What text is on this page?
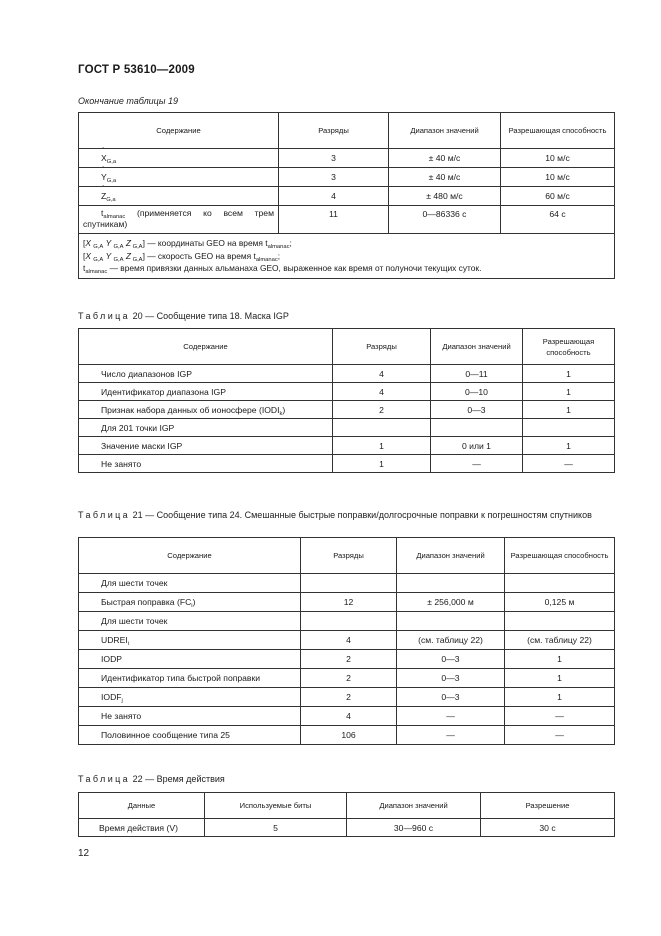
ГОСТ Р 53610—2009
Окончание таблицы 19
Содержание	Разряды	Диапазон значений	Разрешающая способность
˙ $X_{G,a}$	3	± 40 м/с	10 м/с
˙ $Y_{G,a}$	3	± 40 м/с	10 м/с
˙ $Z_{G,a}$	4	± 480 м/с	60 м/с

$t_{almanac}$ (применяется ко всем трем
спутникам)	11	0—86336 с	64 с

[X $_{G,A}$ Y $_{G,A}$ Z $_{G,A}$] — координаты GEO на время $t_{almanac}$;
[X $_{G,A}$ Y $_{G,A}$ Z $_{G,A}$] — скорость GEO на время $t_{almanac}$;
$t_{almanac}$ — время привязки данных альманаха GEO, выраженное как время от полуночи текущих суток.			
Таблица 20 — Сообщение типа 18. Маска IGP
Содержание	Разряды	Диапазон значений	Разрешающая способность
Число диапазонов IGP	4	0—11	1
Идентификатор диапазона IGP	4	0—10	1
Признак набора данных об ионосфере $(IODI_k)$	2	0—3	1
Для 201 точки IGP			
Значение маски IGP	1	0 или 1	1
Не занято	1	—	—
Таблица 21 — Сообщение типа 24. Смешанные быстрые поправки/долгосрочные поправки к погрешностям спутников
Содержание	Разряды	Диапазон значений	Разрешающая способность
Для шести точек			
Быстрая поправка $(FC_i)$	12	± 256,000 м	0,125 м
Для шести точек			
$UDREI_i$	4	(см. таблицу 22)	(см. таблицу 22)
IODP	2	0—3	1
Идентификатор типа быстрой поправки	2	0—3	1
$IODF_j$	2	0—3	1
Не занято	4	—	—
Половинное сообщение типа 25	106	—	—
Таблица 22 — Время действия
Данные	Используемые биты	Диапазон значений	Разрешение
Время действия (V)	5	30—960 с	30 с
12
